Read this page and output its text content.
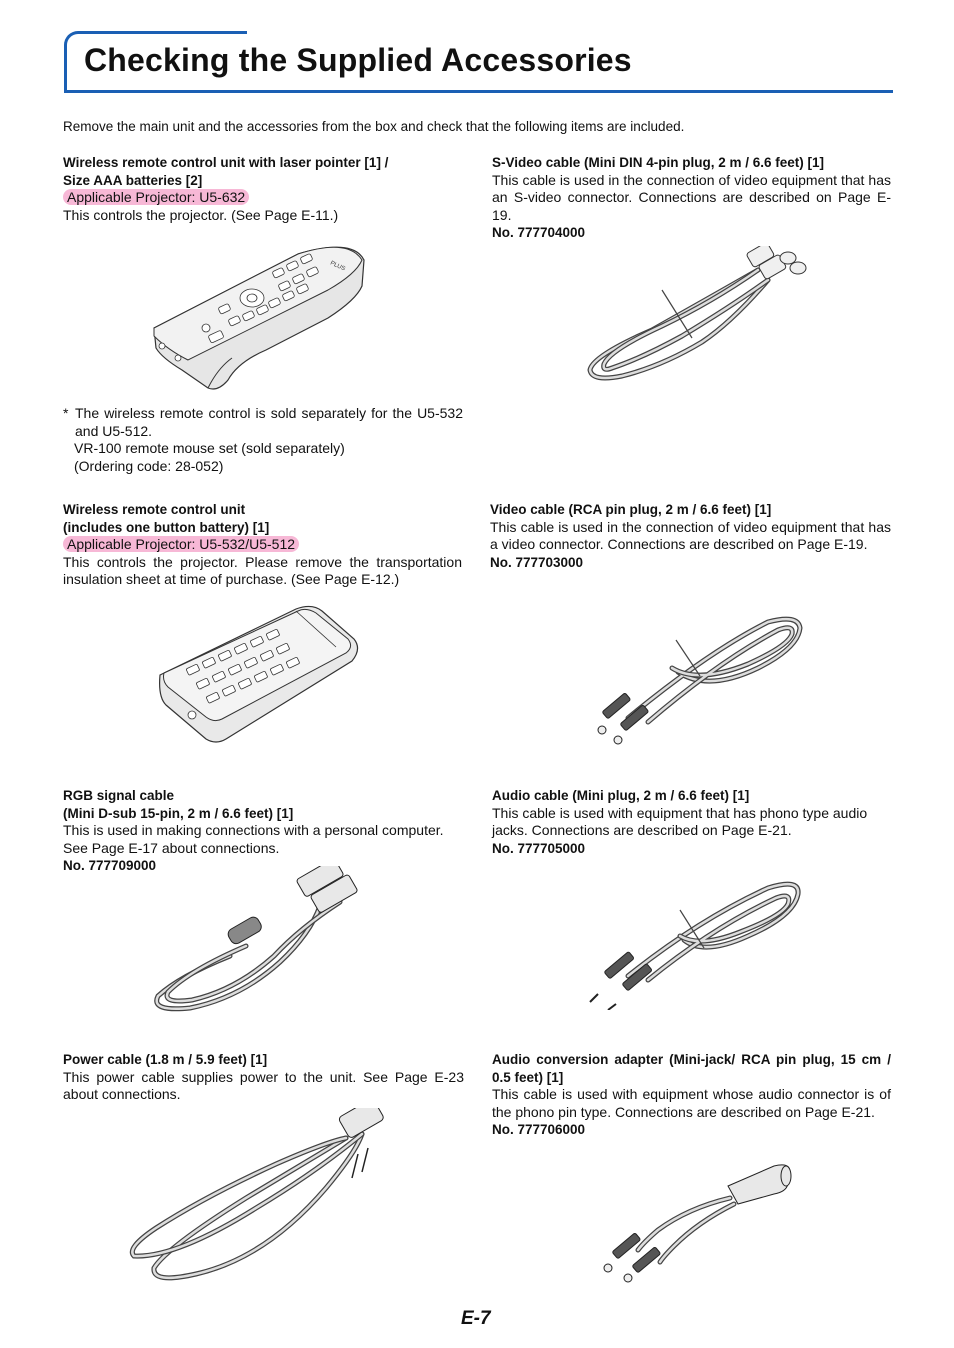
Checking the Supplied Accessories
Remove the main unit and the accessories from the box and check that the following items are included.
Wireless remote control unit with laser pointer [1] /
Size AAA batteries [2]
Applicable Projector: U5-632
This controls the projector. (See Page E-11.)
S-Video cable (Mini DIN 4-pin plug, 2 m / 6.6 feet) [1]
This cable is used in the connection of video equipment that has an S-video connector. Connections are described on Page E-19.
No. 777704000
* The wireless remote control is sold separately for the U5-532 and U5-512.
VR-100 remote mouse set (sold separately)
(Ordering code: 28-052)
Wireless remote control unit
(includes one button battery) [1]
Applicable Projector: U5-532/U5-512
This controls the projector. Please remove the transportation insulation sheet at time of purchase. (See Page E-12.)
Video cable (RCA pin plug, 2 m / 6.6 feet) [1]
This cable is used in the connection of video equipment that has a video connector. Connections are described on Page E-19.
No. 777703000
RGB signal cable
(Mini D-sub 15-pin, 2 m / 6.6 feet) [1]
This is used in making connections with a personal computer. See Page E-17 about connections.
No. 777709000
Audio cable (Mini plug, 2 m / 6.6 feet) [1]
This cable is used with equipment that has phono type audio jacks. Connections are described on Page E-21.
No. 777705000
Power cable (1.8 m / 5.9 feet) [1]
This power cable supplies power to the unit. See Page E-23 about connections.
Audio conversion adapter (Mini-jack/ RCA pin plug, 15 cm / 0.5 feet) [1]
This cable is used with equipment whose audio connector is of the phono pin type. Connections are described on Page E-21.
No. 777706000
PLUS
E-7
